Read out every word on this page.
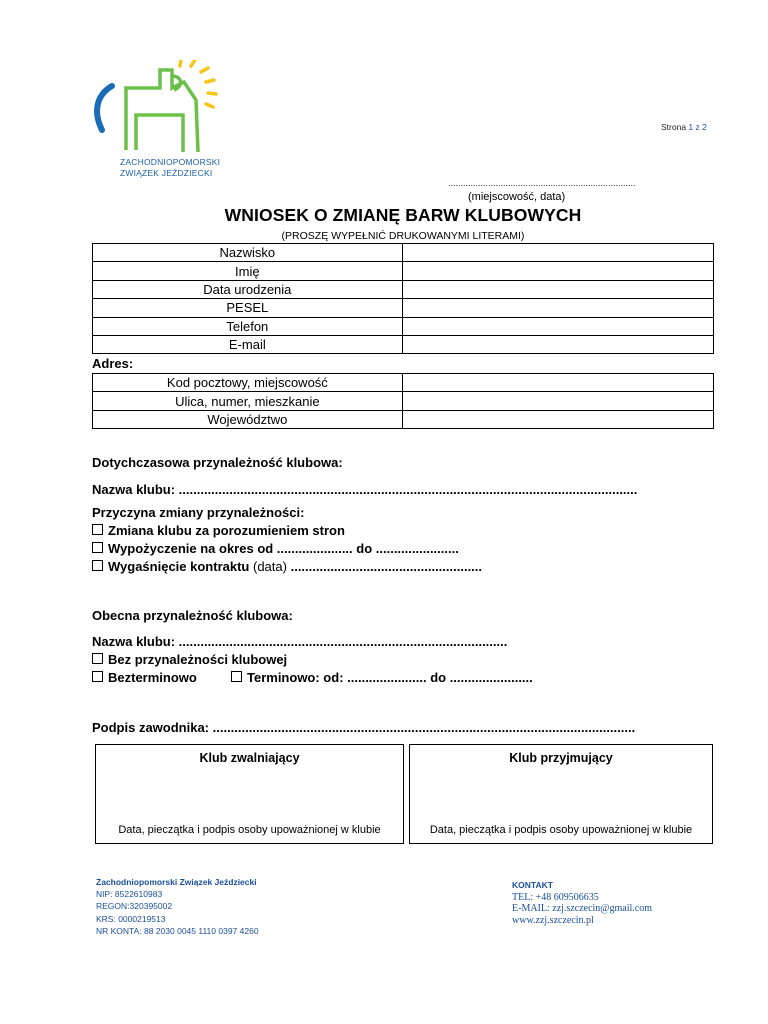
ZACHODNIOPOMORSKI
ZWIĄZEK JEŹDZIECKI
Strona 1 z 2
...........................................................................
(miejscowość, data)
WNIOSEK O ZMIANĘ BARW KLUBOWYCH
(PROSZĘ WYPEŁNIĆ DRUKOWANYMI LITERAMI)
Nazwisko	
Imię	
Data urodzenia	
PESEL	
Telefon	
E-mail	
Adres:
Kod pocztowy, miejscowość	
Ulica, numer, mieszkanie	
Województwo	
Dotychczasowa przynależność klubowa:
Nazwa klubu: ...............................................................................................................................
Przyczyna zmiany przynależności:
Zmiana klubu za porozumieniem stron
Wypożyczenie na okres od ..................... do .......................
Wygaśnięcie kontraktu (data) .....................................................
Obecna przynależność klubowa:
Nazwa klubu: ...........................................................................................
Bez przynależności klubowej
Bezterminowo	Terminowo: od: ...................... do .......................
Podpis zawodnika: .....................................................................................................................
Klub zwalniający
Data, pieczątka i podpis osoby upoważnionej w klubie
Klub przyjmujący
Data, pieczątka i podpis osoby upoważnionej w klubie
Zachodniopomorski Związek Jeździecki
NIP: 8522610983
REGON:320395002
KRS: 0000219513
NR KONTA: 88 2030 0045 1110 0397 4260
KONTAKT
TEL: +48 609506635
E-MAIL: zzj.szczecin@gmail.com
www.zzj.szczecin.pl
